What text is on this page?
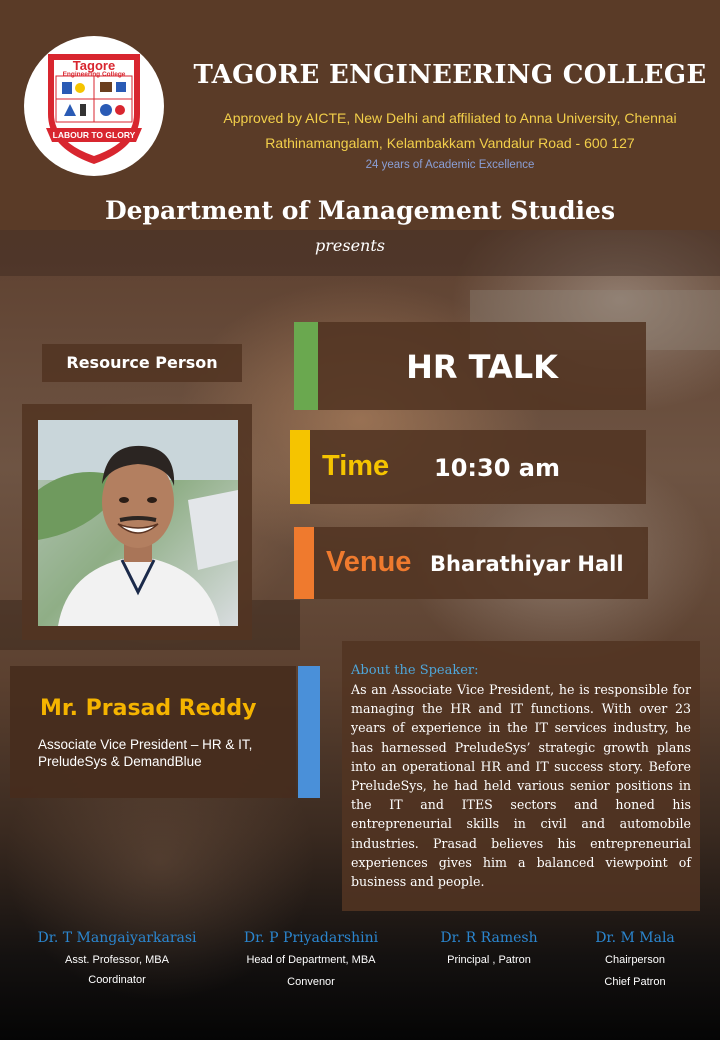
Tagore
Engineering College
LABOUR TO GLORY
TAGORE ENGINEERING COLLEGE
Approved by AICTE, New Delhi and affiliated to Anna University, Chennai
Rathinamangalam, Kelambakkam Vandalur Road - 600 127
24 years of Academic Excellence
Department of Management Studies
presents
Resource Person	HR TALK
Time 10:30 am
Venue Bharathiyar Hall
Mr. Prasad Reddy
Associate Vice President – HR & IT, PreludeSys & DemandBlue
About the Speaker:
As an Associate Vice President, he is responsible for managing the HR and IT functions. With over 23 years of experience in the IT services industry, he has harnessed PreludeSys’ strategic growth plans into an operational HR and IT success story. Before PreludeSys, he had held various senior positions in the IT and ITES sectors and honed his entrepreneurial skills in civil and automobile industries. Prasad believes his entrepreneurial experiences gives him a balanced viewpoint of business and people.
Dr. T Mangaiyarkarasi
Asst. Professor, MBA
Coordinator
Dr. P Priyadarshini
Head of Department, MBA
Convenor
Dr. R Ramesh
Principal , Patron
Dr. M Mala
Chairperson
Chief Patron
